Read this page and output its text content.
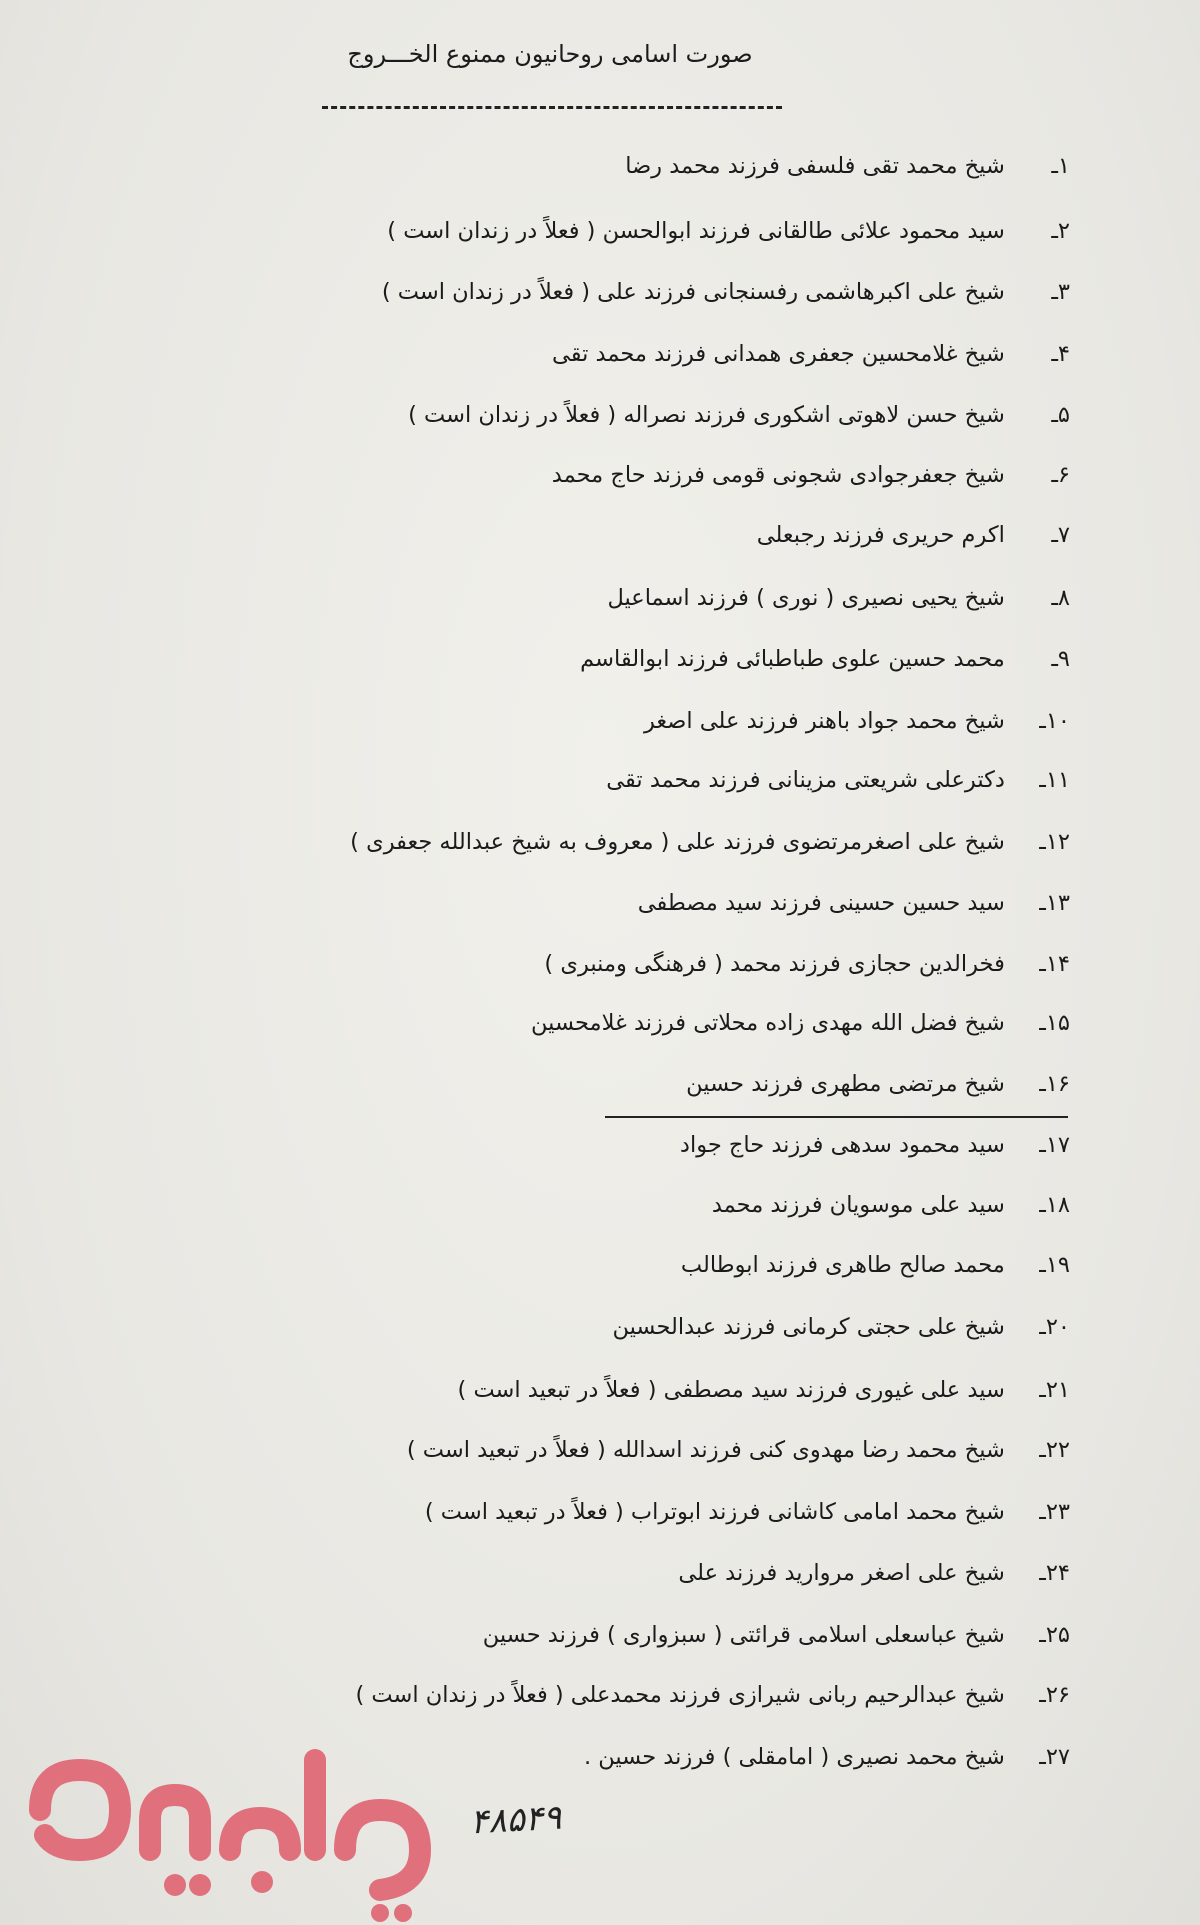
صورت اسامی روحانیون ممنوع الخـــروج
۱ـ شیخ محمد تقی فلسفی فرزند محمد رضا
۲ـ سید محمود علائی طالقانی فرزند ابوالحسن ( فعلاً در زندان است )
۳ـ شیخ علی اکبرهاشمی رفسنجانی فرزند علی ( فعلاً در زندان است )
۴ـ شیخ غلامحسین جعفری همدانی فرزند محمد تقی
۵ـ شیخ حسن لاهوتی اشکوری فرزند نصراله ( فعلاً در زندان است )
۶ـ شیخ جعفرجوادی شجونی قومی فرزند حاج محمد
۷ـ اکرم حریری فرزند رجبعلی
۸ـ شیخ یحیی نصیری ( نوری ) فرزند اسماعیل
۹ـ محمد حسین علوی طباطبائی فرزند ابوالقاسم
۱۰ـ شیخ محمد جواد باهنر فرزند علی اصغر
۱۱ـ دکترعلی شریعتی مزینانی فرزند محمد تقی
۱۲ـ شیخ علی اصغرمرتضوی فرزند علی ( معروف به شیخ عبدالله جعفری )
۱۳ـ سید حسین حسینی فرزند سید مصطفی
۱۴ـ فخرالدین حجازی فرزند محمد ( فرهنگی ومنبری )
۱۵ـ شیخ فضل الله مهدی زاده محلاتی فرزند غلامحسین
۱۶ـ شیخ مرتضی مطهری فرزند حسین
۱۷ـ سید محمود سدهی فرزند حاج جواد
۱۸ـ سید علی موسویان فرزند محمد
۱۹ـ محمد صالح طاهری فرزند ابوطالب
۲۰ـ شیخ علی حجتی کرمانی فرزند عبدالحسین
۲۱ـ سید علی غیوری فرزند سید مصطفی ( فعلاً در تبعید است )
۲۲ـ شیخ محمد رضا مهدوی کنی فرزند اسدالله ( فعلاً در تبعید است )
۲۳ـ شیخ محمد امامی کاشانی فرزند ابوتراب ( فعلاً در تبعید است )
۲۴ـ شیخ علی اصغر مروارید فرزند علی
۲۵ـ شیخ عباسعلی اسلامی قرائتی ( سبزواری ) فرزند حسین
۲۶ـ شیخ عبدالرحیم ربانی شیرازی فرزند محمدعلی ( فعلاً در زندان است )
۲۷ـ شیخ محمد نصیری ( امامقلی ) فرزند حسین .
۴۸۵۴۹
